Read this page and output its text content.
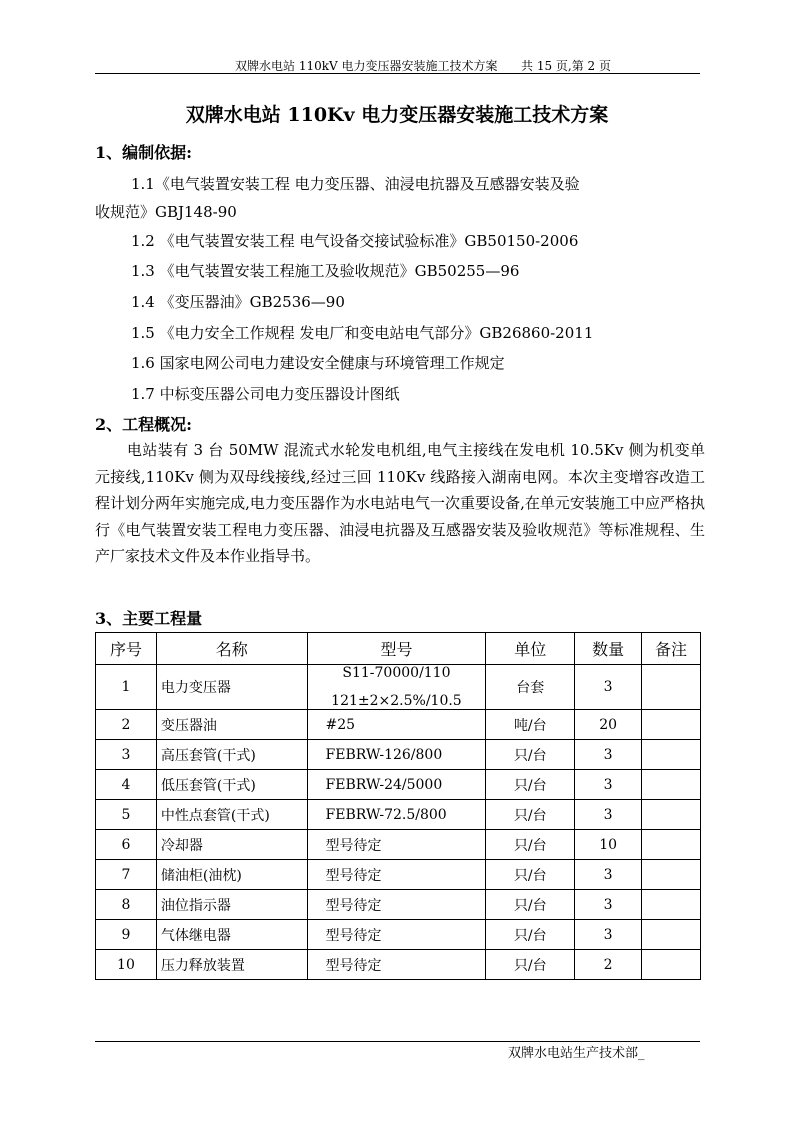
双牌水电站 110kV 电力变压器安装施工技术方案 共 15 页,第 2 页
双牌水电站 110Kv 电力变压器安装施工技术方案
1、编制依据:
1.1《电气装置安装工程 电力变压器、油浸电抗器及互感器安装及验
收规范》GBJ148-90
1.2 《电气装置安装工程 电气设备交接试验标准》GB50150-2006
1.3 《电气装置安装工程施工及验收规范》GB50255—96
1.4 《变压器油》GB2536—90
1.5 《电力安全工作规程 发电厂和变电站电气部分》GB26860-2011
1.6 国家电网公司电力建设安全健康与环境管理工作规定
1.7 中标变压器公司电力变压器设计图纸
2、工程概况:
电站装有 3 台 50MW 混流式水轮发电机组,电气主接线在发电机 10.5Kv 侧为机变单元接线,110Kv 侧为双母线接线,经过三回 110Kv 线路接入湖南电网。本次主变增容改造工程计划分两年实施完成,电力变压器作为水电站电气一次重要设备,在单元安装施工中应严格执行《电气装置安装工程电力变压器、油浸电抗器及互感器安装及验收规范》等标准规程、生产厂家技术文件及本作业指导书。
3、主要工程量
序号	名称	型号	单位	数量	备注
1	电力变压器	S11-70000/110
121±2×2.5%/10.5	台套	3	
2	变压器油	#25	吨/台	20	
3	高压套管(干式)	FEBRW-126/800	只/台	3	
4	低压套管(干式)	FEBRW-24/5000	只/台	3	
5	中性点套管(干式)	FEBRW-72.5/800	只/台	3	
6	冷却器	型号待定	只/台	10	
7	储油柜(油枕)	型号待定	只/台	3	
8	油位指示器	型号待定	只/台	3	
9	气体继电器	型号待定	只/台	3	
10	压力释放装置	型号待定	只/台	2	
双牌水电站生产技术部_
